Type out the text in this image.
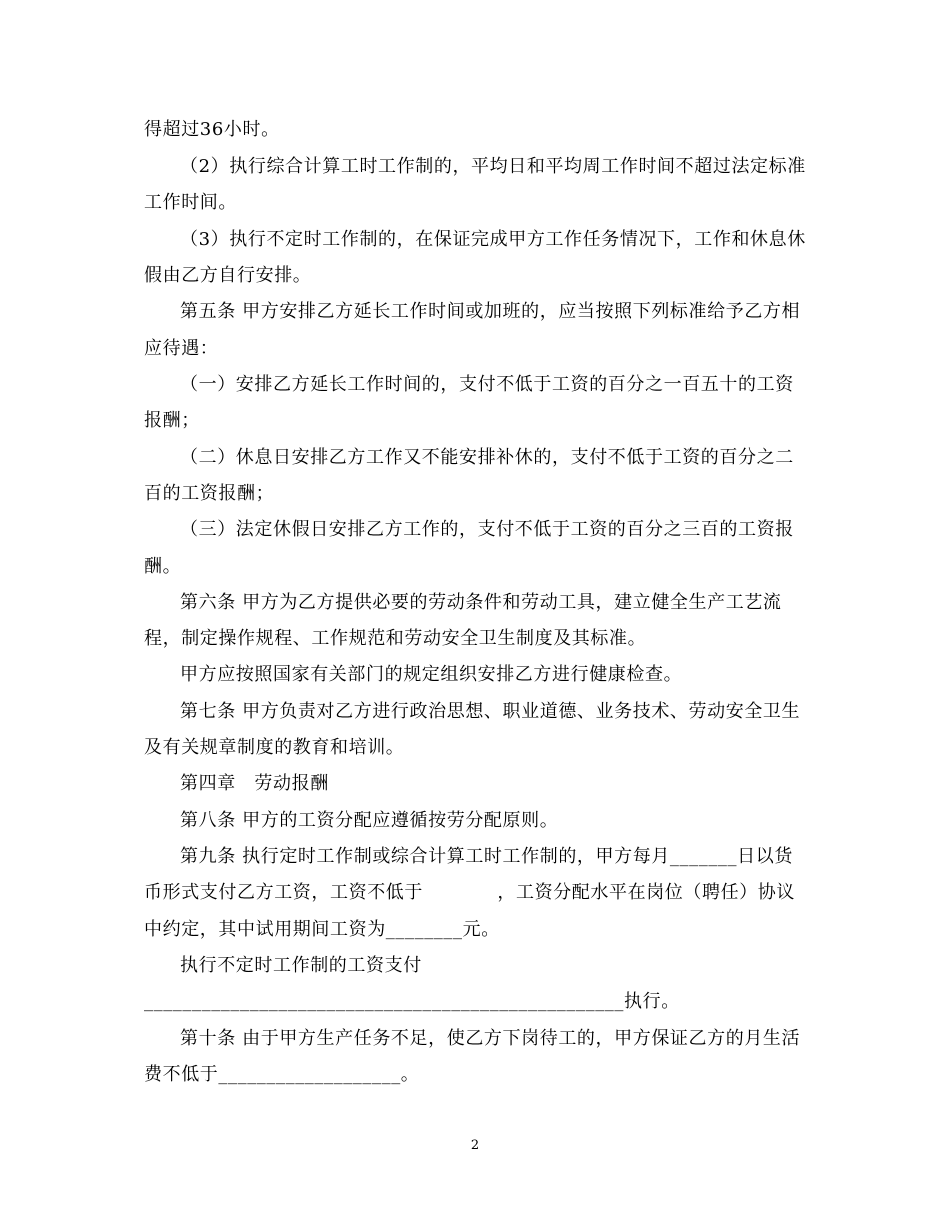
得超过36小时。
（2）执行综合计算工时工作制的，平均日和平均周工作时间不超过法定标准
工作时间。
（3）执行不定时工作制的，在保证完成甲方工作任务情况下，工作和休息休
假由乙方自行安排。
第五条 甲方安排乙方延长工作时间或加班的，应当按照下列标准给予乙方相
应待遇：
（一）安排乙方延长工作时间的，支付不低于工资的百分之一百五十的工资
报酬；
（二）休息日安排乙方工作又不能安排补休的，支付不低于工资的百分之二
百的工资报酬；
（三）法定休假日安排乙方工作的，支付不低于工资的百分之三百的工资报
酬。
第六条 甲方为乙方提供必要的劳动条件和劳动工具，建立健全生产工艺流
程，制定操作规程、工作规范和劳动安全卫生制度及其标准。
甲方应按照国家有关部门的规定组织安排乙方进行健康检查。
第七条 甲方负责对乙方进行政治思想、职业道德、业务技术、劳动安全卫生
及有关规章制度的教育和培训。
第四章　劳动报酬
第八条 甲方的工资分配应遵循按劳分配原则。
第九条 执行定时工作制或综合计算工时工作制的，甲方每月_______日以货
币形式支付乙方工资，工资不低于　　　　，工资分配水平在岗位（聘任）协议
中约定，其中试用期间工资为________元。
执行不定时工作制的工资支付
__________________________________________________执行。
第十条 由于甲方生产任务不足，使乙方下岗待工的，甲方保证乙方的月生活
费不低于___________________。
2
